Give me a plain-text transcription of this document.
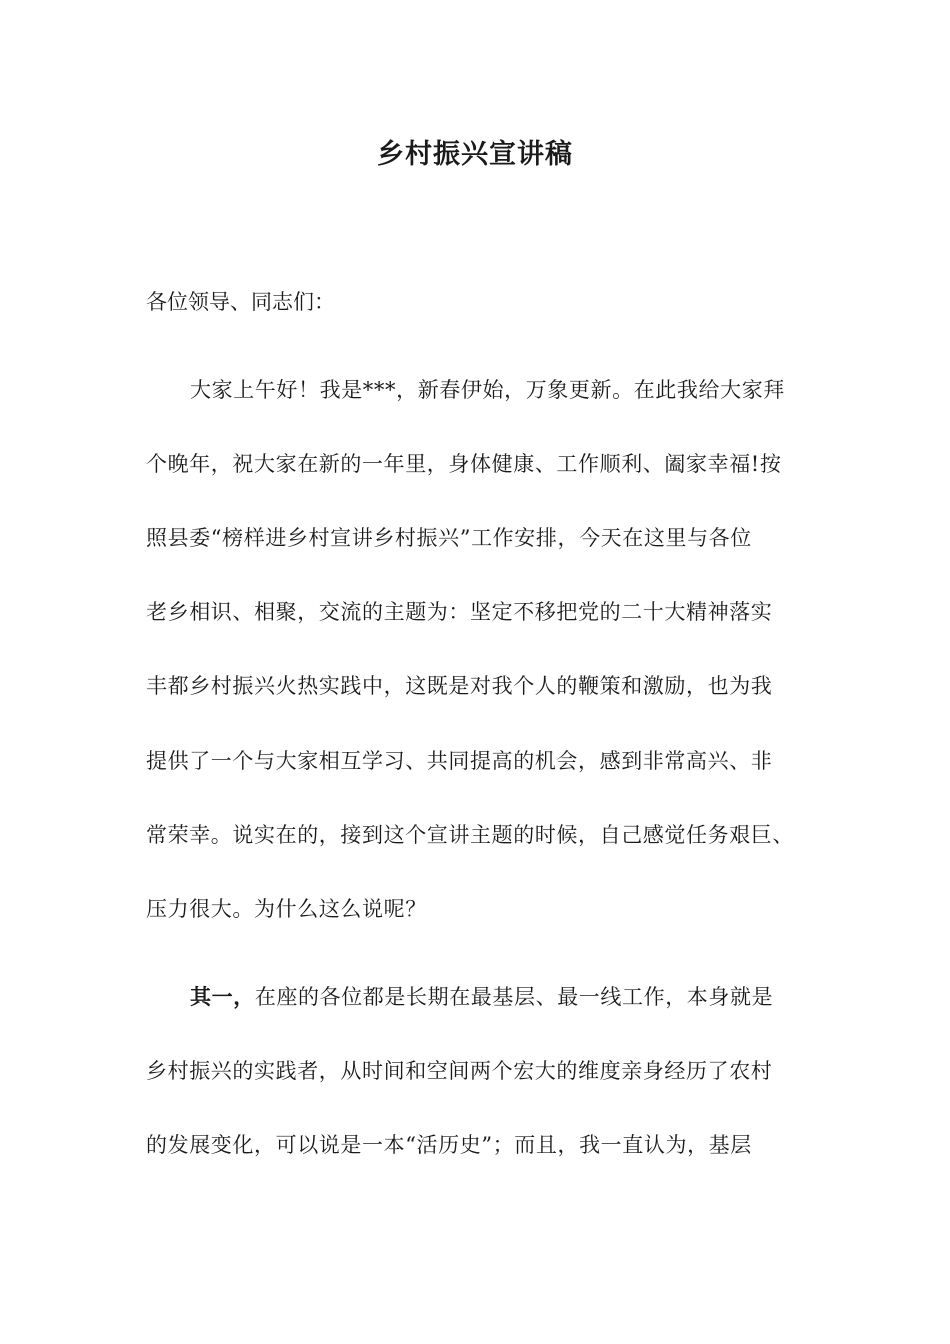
乡村振兴宣讲稿

各位领导、同志们：

大家上午好！我是***，新春伊始，万象更新。在此我给大家拜

个晚年，祝大家在新的一年里，身体健康、工作顺利、阖家幸福!按

照县委“榜样进乡村宣讲乡村振兴”工作安排，今天在这里与各位

老乡相识、相聚，交流的主题为：坚定不移把党的二十大精神落实

丰都乡村振兴火热实践中，这既是对我个人的鞭策和激励，也为我

提供了一个与大家相互学习、共同提高的机会，感到非常高兴、非

常荣幸。说实在的，接到这个宣讲主题的时候，自己感觉任务艰巨、

压力很大。为什么这么说呢？

其一，在座的各位都是长期在最基层、最一线工作，本身就是

乡村振兴的实践者，从时间和空间两个宏大的维度亲身经历了农村

的发展变化，可以说是一本“活历史”；而且，我一直认为，基层
